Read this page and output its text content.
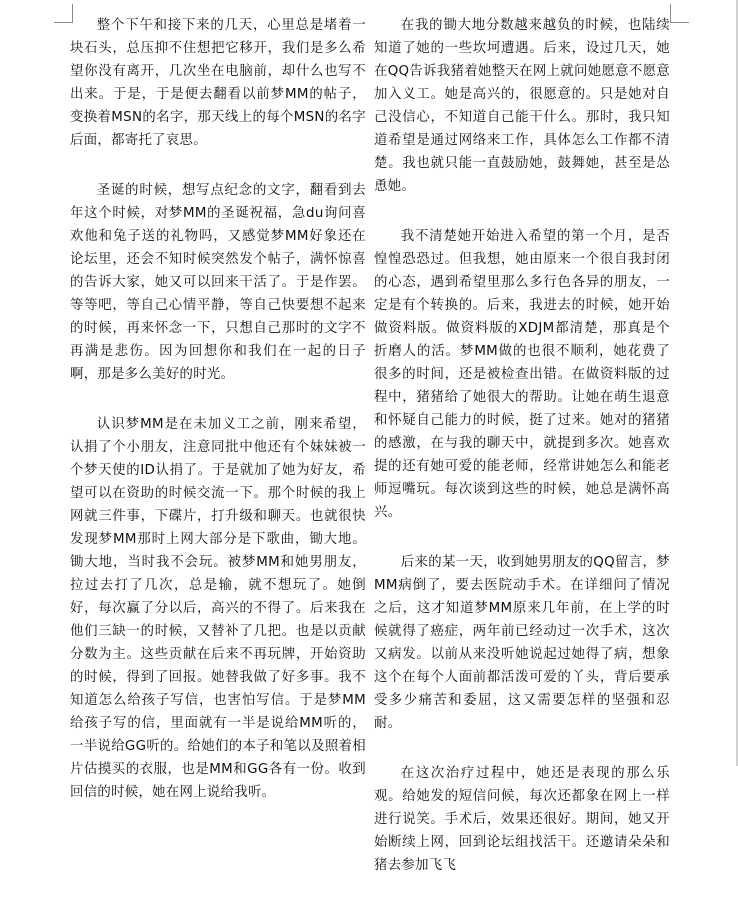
整个下午和接下来的几天，心里总是堵着一块石头，总压抑不住想把它移开，我们是多么希望你没有离开，几次坐在电脑前，却什么也写不出来。于是，于是便去翻看以前梦MM的帖子，变换着MSN的名字，那天线上的每个MSN的名字后面，都寄托了哀思。

圣诞的时候，想写点纪念的文字，翻看到去年这个时候，对梦MM的圣诞祝福，急du询问喜欢他和兔子送的礼物吗，又感觉梦MM好象还在论坛里，还会不知时候突然发个帖子，满怀惊喜的告诉大家，她又可以回来干活了。于是作罢。等等吧，等自己心情平静，等自己快要想不起来的时候，再来怀念一下，只想自己那时的文字不再满是悲伤。因为回想你和我们在一起的日子啊，那是多么美好的时光。

认识梦MM是在未加义工之前，刚来希望，认捐了个小朋友，注意同批中他还有个妹妹被一个梦天使的ID认捐了。于是就加了她为好友，希望可以在资助的时候交流一下。那个时候的我上网就三件事，下碟片，打升级和聊天。也就很快发现梦MM那时上网大部分是下歌曲，锄大地。锄大地，当时我不会玩。被梦MM和她男朋友，拉过去打了几次，总是输，就不想玩了。她倒好，每次赢了分以后，高兴的不得了。后来我在他们三缺一的时候，又替补了几把。也是以贡献分数为主。这些贡献在后来不再玩牌，开始资助的时候，得到了回报。她替我做了好多事。我不知道怎么给孩子写信，也害怕写信。于是梦MM给孩子写的信，里面就有一半是说给MM听的，一半说给GG听的。给她们的本子和笔以及照着相片估摸买的衣服，也是MM和GG各有一份。收到回信的时候，她在网上说给我听。

在我的锄大地分数越来越负的时候，也陆续知道了她的一些坎坷遭遇。后来，设过几天，她在QQ告诉我猪着她整天在网上就问她愿意不愿意加入义工。她是高兴的，很愿意的。只是她对自己没信心，不知道自己能干什么。那时，我只知道希望是通过网络来工作，具体怎么工作都不清楚。我也就只能一直鼓励她，鼓舞她，甚至是怂恿她。

我不清楚她开始进入希望的第一个月，是否惶惶恐恐过。但我想，她由原来一个很自我封闭的心态，遇到希望里那么多行色各异的朋友，一定是有个转换的。后来，我进去的时候，她开始做资料版。做资料版的XDJM都清楚，那真是个折磨人的活。梦MM做的也很不顺利，她花费了很多的时间，还是被检查出错。在做资料版的过程中，猪猪给了她很大的帮助。让她在萌生退意和怀疑自己能力的时候，挺了过来。她对的猪猪的感激，在与我的聊天中，就提到多次。她喜欢提的还有她可爱的能老师，经常讲她怎么和能老师逗嘴玩。每次谈到这些的时候，她总是满怀高兴。

后来的某一天，收到她男朋友的QQ留言，梦MM病倒了，要去医院动手术。在详细问了情况之后，这才知道梦MM原来几年前，在上学的时候就得了癌症，两年前已经动过一次手术，这次又病发。以前从来没听她说起过她得了病，想象这个在每个人面前都活泼可爱的丫头，背后要承受多少痛苦和委屈，这又需要怎样的坚强和忍耐。

在这次治疗过程中，她还是表现的那么乐观。给她发的短信问候，每次还都象在网上一样进行说笑。手术后，效果还很好。期间，她又开始断续上网，回到论坛组找活干。还邀请朵朵和猪去参加飞飞
